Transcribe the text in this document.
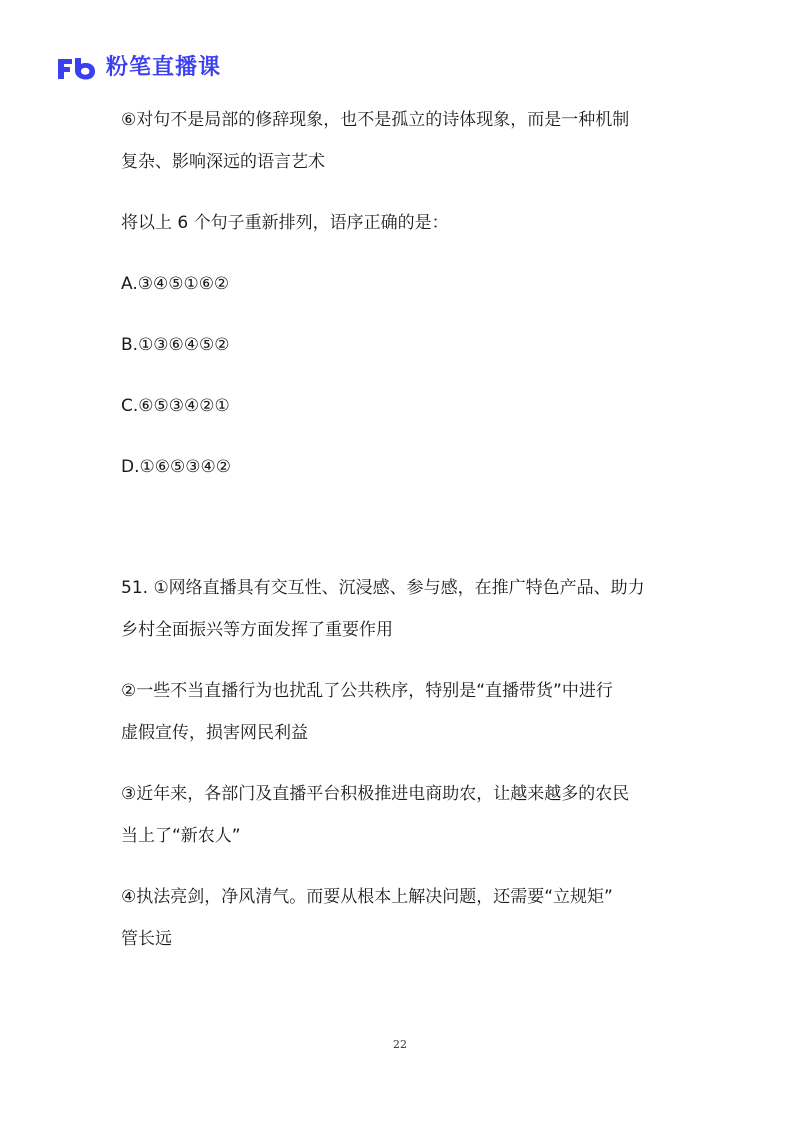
粉笔直播课
⑥对句不是局部的修辞现象，也不是孤立的诗体现象，而是一种机制
复杂、影响深远的语言艺术
将以上 6 个句子重新排列，语序正确的是：
A.③④⑤①⑥②
B.①③⑥④⑤②
C.⑥⑤③④②①
D.①⑥⑤③④②
51. ①网络直播具有交互性、沉浸感、参与感，在推广特色产品、助力
乡村全面振兴等方面发挥了重要作用
②一些不当直播行为也扰乱了公共秩序，特别是“直播带货”中进行
虚假宣传，损害网民利益
③近年来，各部门及直播平台积极推进电商助农，让越来越多的农民
当上了“新农人”
④执法亮剑，净风清气。而要从根本上解决问题，还需要“立规矩”
管长远
22
